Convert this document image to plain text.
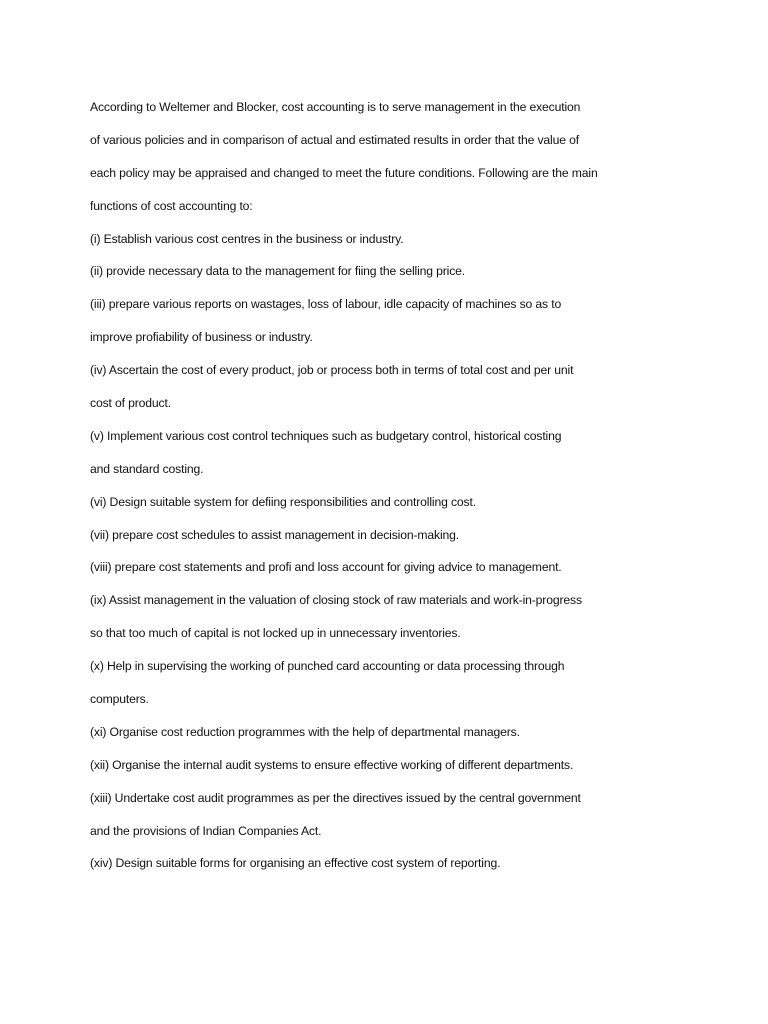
According to Weltemer and Blocker, cost accounting is to serve management in the execution
of various policies and in comparison of actual and estimated results in order that the value of
each policy may be appraised and changed to meet the future conditions. Following are the main
functions of cost accounting to:
(i) Establish various cost centres in the business or industry.
(ii) provide necessary data to the management for fiing the selling price.
(iii) prepare various reports on wastages, loss of labour, idle capacity of machines so as to
improve profiability of business or industry.
(iv) Ascertain the cost of every product, job or process both in terms of total cost and per unit
cost of product.
(v) Implement various cost control techniques such as budgetary control, historical costing
and standard costing.
(vi) Design suitable system for defiing responsibilities and controlling cost.
(vii) prepare cost schedules to assist management in decision-making.
(viii) prepare cost statements and profi and loss account for giving advice to management.
(ix) Assist management in the valuation of closing stock of raw materials and work-in-progress
so that too much of capital is not locked up in unnecessary inventories.
(x) Help in supervising the working of punched card accounting or data processing through
computers.
(xi) Organise cost reduction programmes with the help of departmental managers.
(xii) Organise the internal audit systems to ensure effective working of different departments.
(xiii) Undertake cost audit programmes as per the directives issued by the central government
and the provisions of Indian Companies Act.
(xiv) Design suitable forms for organising an effective cost system of reporting.
